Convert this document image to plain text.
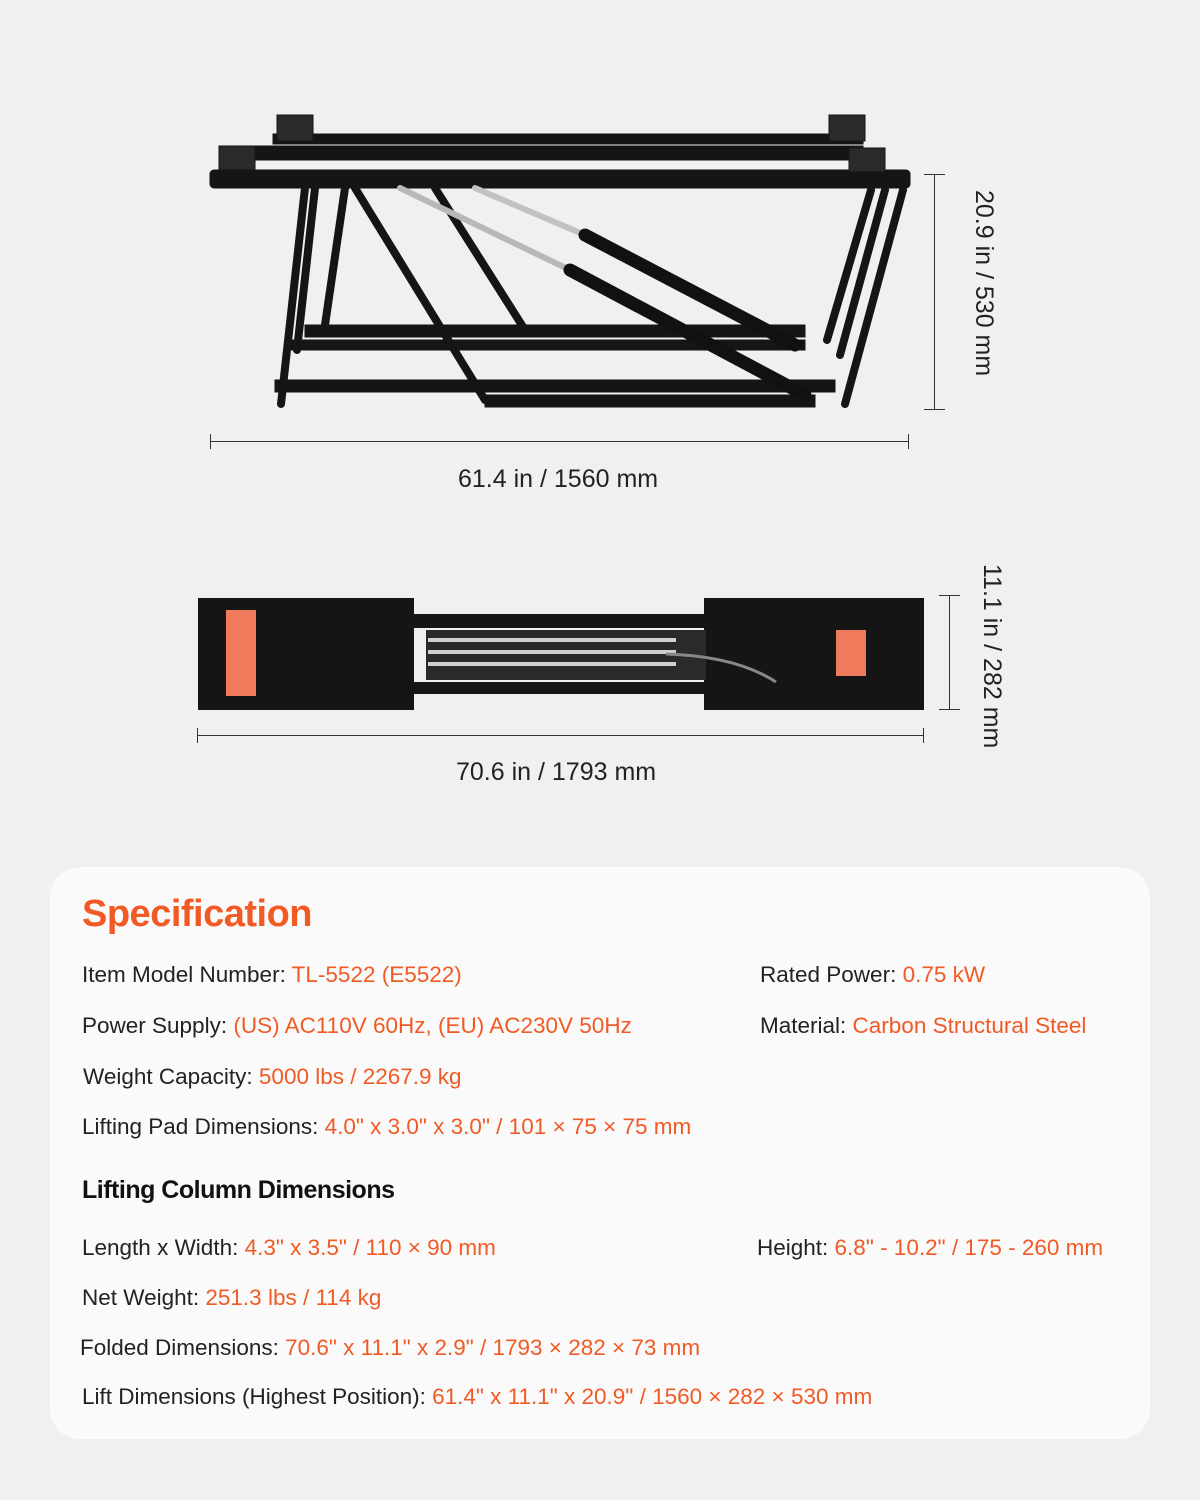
20.9 in / 530 mm
61.4 in / 1560 mm
11.1 in / 282 mm
70.6 in / 1793 mm
Specification
Item Model Number: TL-5522 (E5522)	Rated Power: 0.75 kW
Power Supply: (US) AC110V 60Hz, (EU) AC230V 50Hz	Material: Carbon Structural Steel
Weight Capacity: 5000 lbs / 2267.9 kg
Lifting Pad Dimensions: 4.0" x 3.0" x 3.0" / 101 × 75 × 75 mm
Lifting Column Dimensions
Length x Width: 4.3" x 3.5" / 110 × 90 mm	Height: 6.8" - 10.2" / 175 - 260 mm
Net Weight: 251.3 lbs / 114 kg
Folded Dimensions: 70.6" x 11.1" x 2.9" / 1793 × 282 × 73 mm
Lift Dimensions (Highest Position): 61.4" x 11.1" x 20.9" / 1560 × 282 × 530 mm
